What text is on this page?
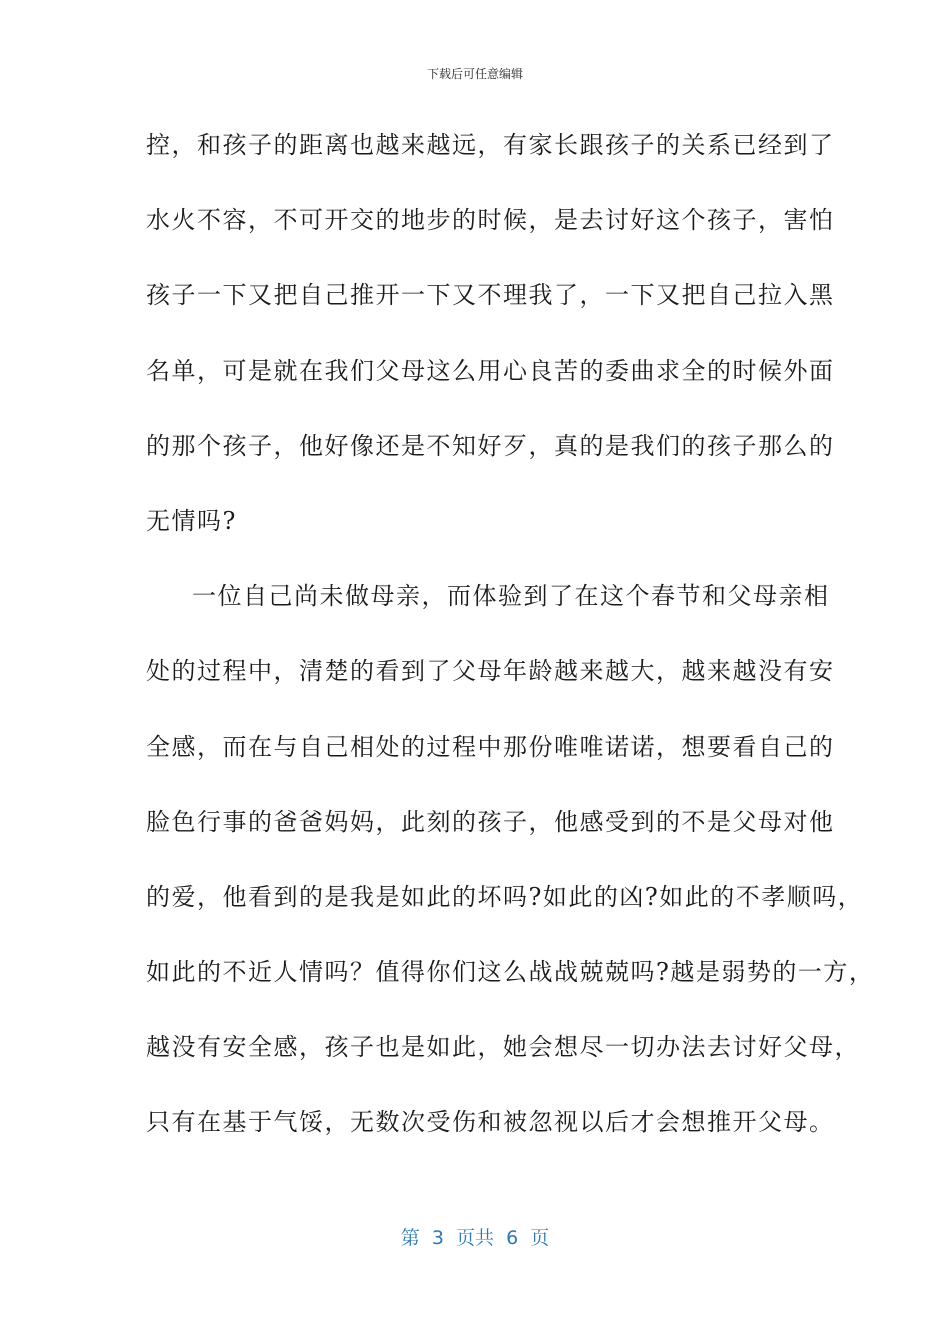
下载后可任意编辑
控，和孩子的距离也越来越远，有家长跟孩子的关系已经到了
水火不容，不可开交的地步的时候，是去讨好这个孩子，害怕
孩子一下又把自己推开一下又不理我了，一下又把自己拉入黑
名单，可是就在我们父母这么用心良苦的委曲求全的时候外面
的那个孩子，他好像还是不知好歹，真的是我们的孩子那么的
无情吗?
一位自己尚未做母亲，而体验到了在这个春节和父母亲相
处的过程中，清楚的看到了父母年龄越来越大，越来越没有安
全感，而在与自己相处的过程中那份唯唯诺诺，想要看自己的
脸色行事的爸爸妈妈，此刻的孩子，他感受到的不是父母对他
的爱，他看到的是我是如此的坏吗?如此的凶?如此的不孝顺吗，
如此的不近人情吗？值得你们这么战战兢兢吗?越是弱势的一方，
越没有安全感，孩子也是如此，她会想尽一切办法去讨好父母，
只有在基于气馁，无数次受伤和被忽视以后才会想推开父母。
第  3  页共  6  页
